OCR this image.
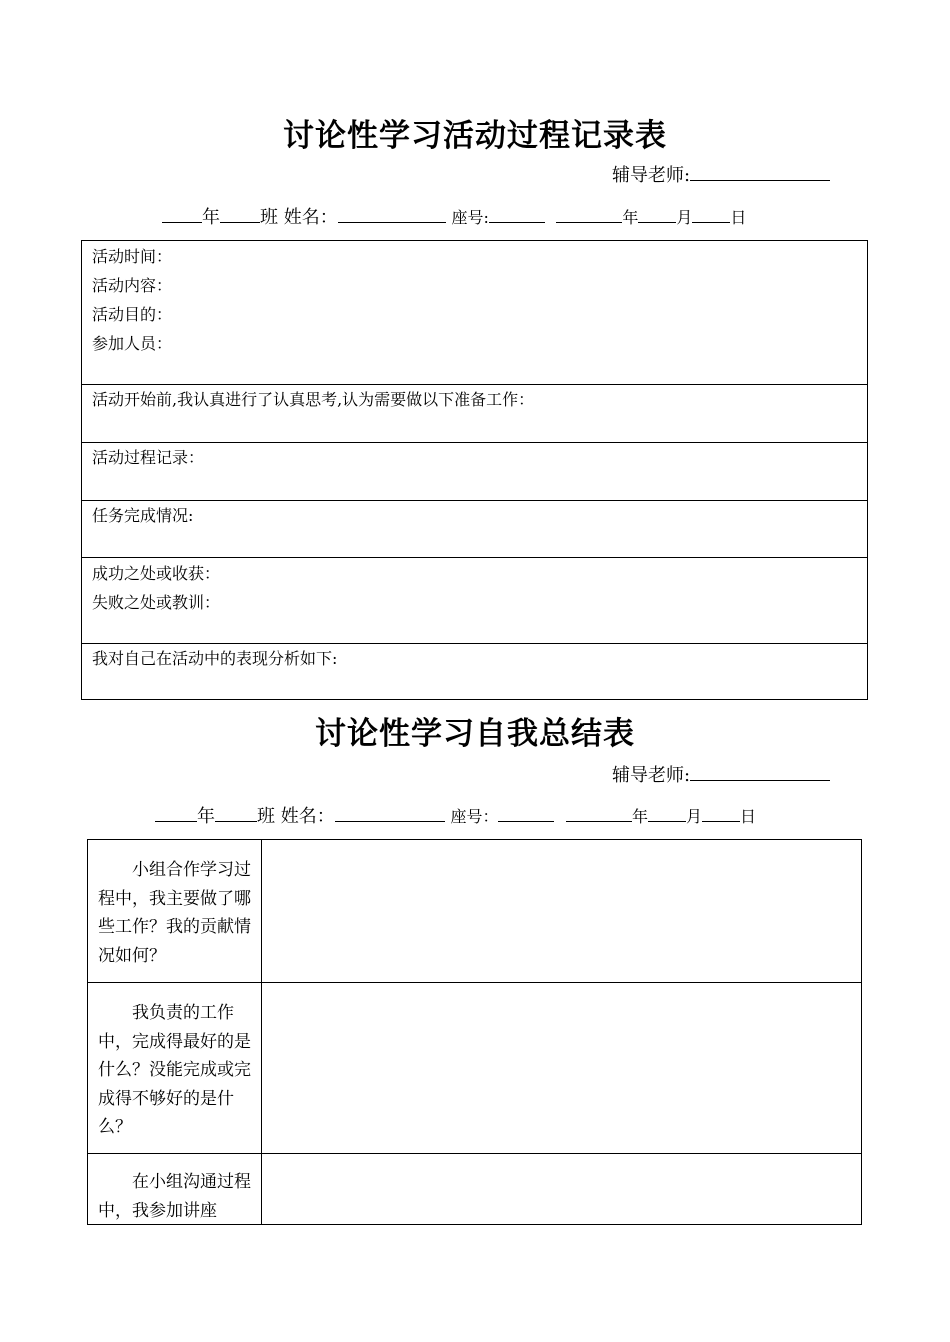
讨论性学习活动过程记录表
辅导老师:
年 班 姓名：	座号:	年 月 日
活动时间：
活动内容：
活动目的：
参加人员：
活动开始前,我认真进行了认真思考,认为需要做以下准备工作：
活动过程记录：
任务完成情况:
成功之处或收获：
失败之处或教训：
我对自己在活动中的表现分析如下:
讨论性学习自我总结表
辅导老师:
年 班 姓名：	座号：	年 月 日
小组合作学习过程中，我主要做了哪些工作？我的贡献情况如何？
我负责的工作中，完成得最好的是什么？没能完成或完成得不够好的是什么？
在小组沟通过程中，我参加讲座
